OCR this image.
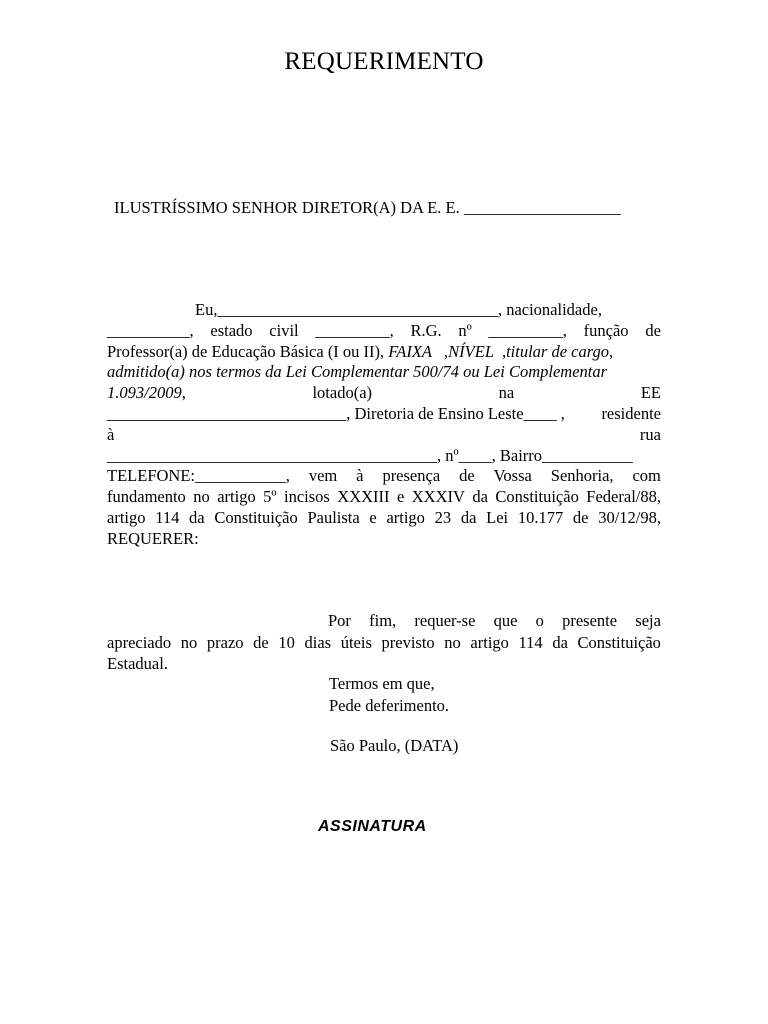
REQUERIMENTO
ILUSTRÍSSIMO SENHOR DIRETOR(A) DA E. E. ___________________
Eu,__________________________________, nacionalidade,
__________, estado civil _________, R.G. nº _________, função de
Professor(a) de Educação Básica (I ou II), FAIXA   ,NÍVEL  ,titular de cargo,
admitido(a) nos termos da Lei Complementar 500/74 ou Lei Complementar
1.093/2009,	lotado(a)	na	EE
_____________________________, Diretoria de Ensino Leste____ , residente
à	rua
________________________________________, nº____, Bairro___________
TELEFONE:___________, vem à presença de Vossa Senhoria, com
fundamento no artigo 5º incisos XXXIII e XXXIV da Constituição Federal/88,
artigo 114 da Constituição Paulista e artigo 23 da Lei 10.177 de 30/12/98,
REQUERER:
Por fim, requer-se que o presente seja
apreciado no prazo de 10 dias úteis previsto no artigo 114 da Constituição
Estadual.
Termos em que,
Pede deferimento.
São Paulo, (DATA)
ASSINATURA
